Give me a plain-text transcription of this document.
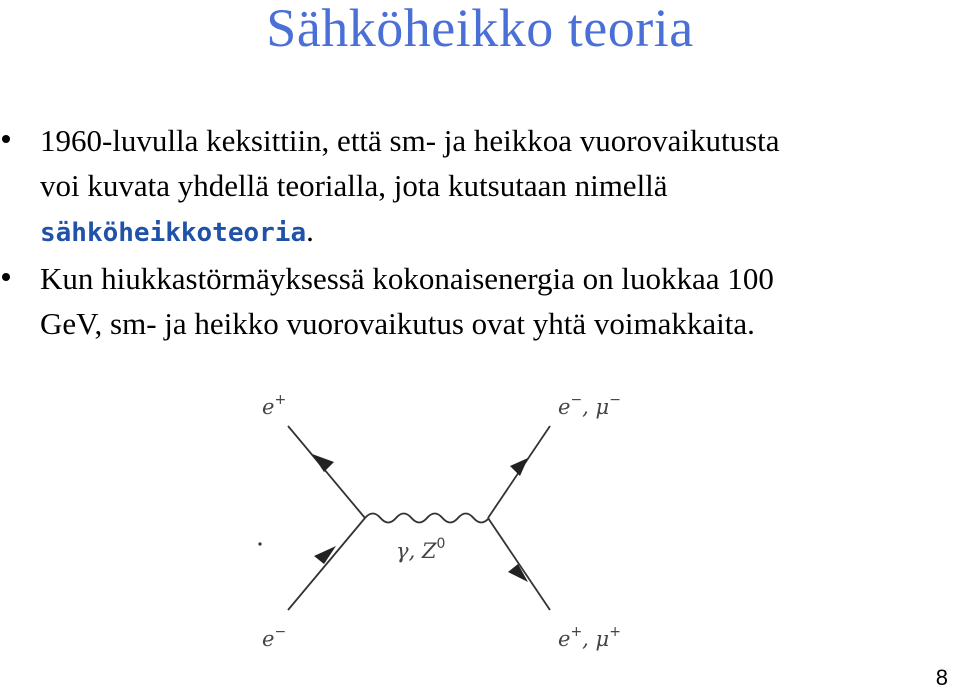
Sähköheikko teoria
1960-luvulla keksittiin, että sm- ja heikkoa vuorovaikutusta
voi kuvata yhdellä teorialla, jota kutsutaan nimellä
sähköheikkoteoria.
Kun hiukkastörmäyksessä kokonaisenergia on luokkaa 100
GeV, sm- ja heikko vuorovaikutus ovat yhtä voimakkaita.
e+	e−, μ−
γ, Z0
e−	e+, μ+
8
